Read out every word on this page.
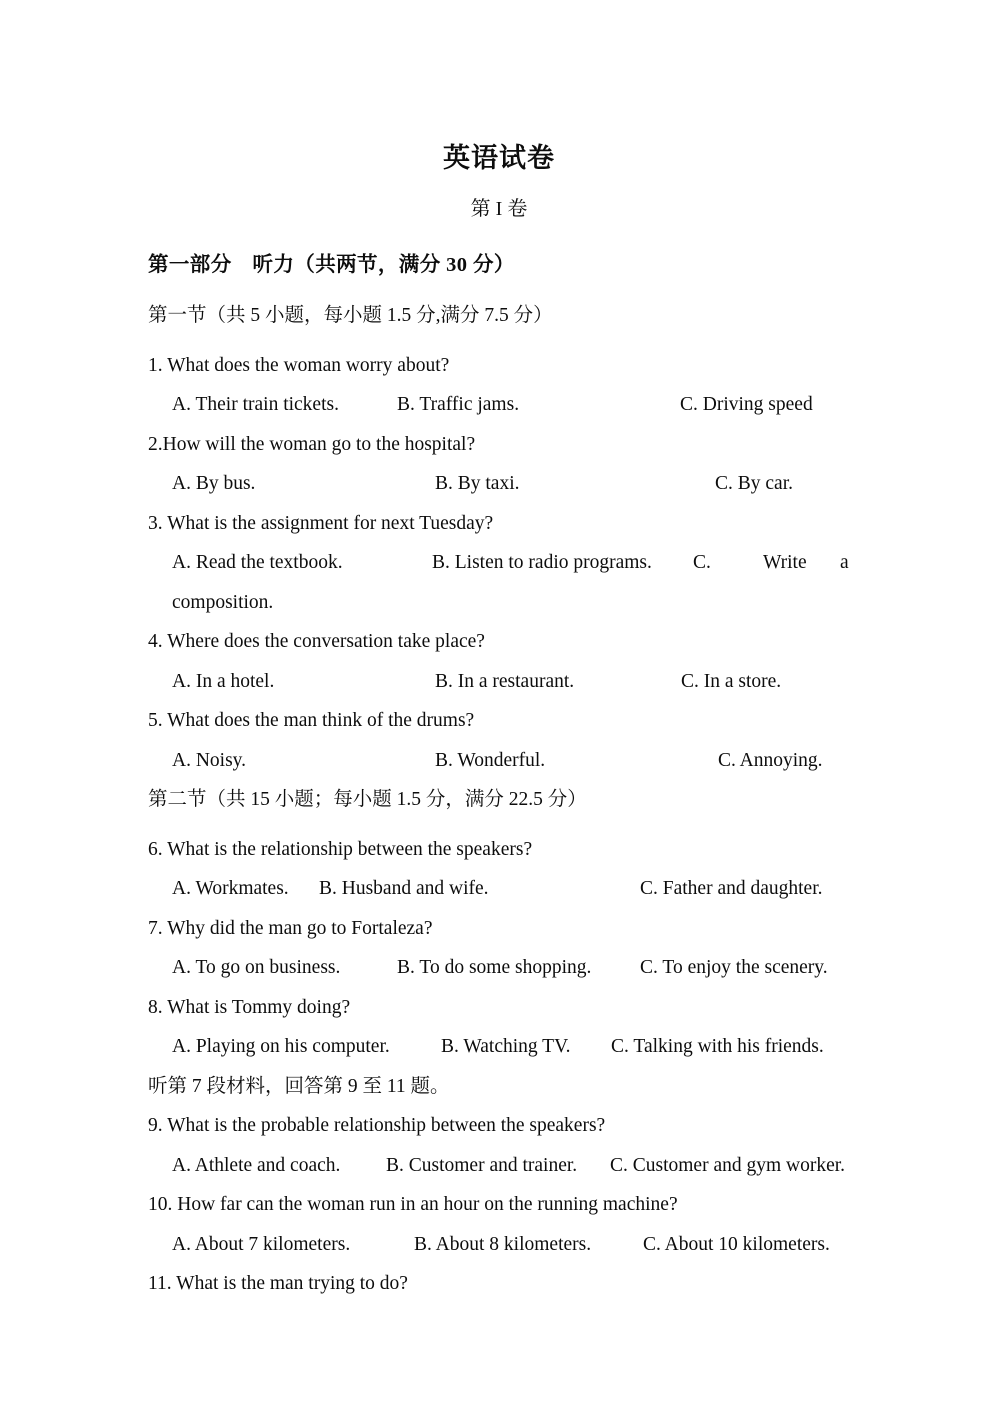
英语试卷
第 I 卷
第一部分 听力（共两节，满分 30 分）
第一节（共 5 小题，每小题 1.5 分,满分 7.5 分）
1. What does the woman worry about?
A. Their train tickets.	B. Traffic jams.	C. Driving speed
2.How will the woman go to the hospital?
A. By bus.	B. By taxi.	C. By car.
3. What is the assignment for next Tuesday?
A. Read the textbook.	B. Listen to radio programs. C.	Write a
composition.
4. Where does the conversation take place?
A. In a hotel.	B. In a restaurant.	C. In a store.
5. What does the man think of the drums?
A. Noisy.	B. Wonderful.	C. Annoying.
第二节（共 15 小题；每小题 1.5 分，满分 22.5 分）
6. What is the relationship between the speakers?
A. Workmates. B. Husband and wife.	C. Father and daughter.
7. Why did the man go to Fortaleza?
A. To go on business.	B. To do some shopping. C. To enjoy the scenery.
8. What is Tommy doing?
A. Playing on his computer.	B. Watching TV. C. Talking with his friends.
听第 7 段材料，回答第 9 至 11 题。
9. What is the probable relationship between the speakers?
A. Athlete and coach. B. Customer and trainer. C. Customer and gym worker.
10. How far can the woman run in an hour on the running machine?
A. About 7 kilometers.	B. About 8 kilometers.	C. About 10 kilometers.
11. What is the man trying to do?
